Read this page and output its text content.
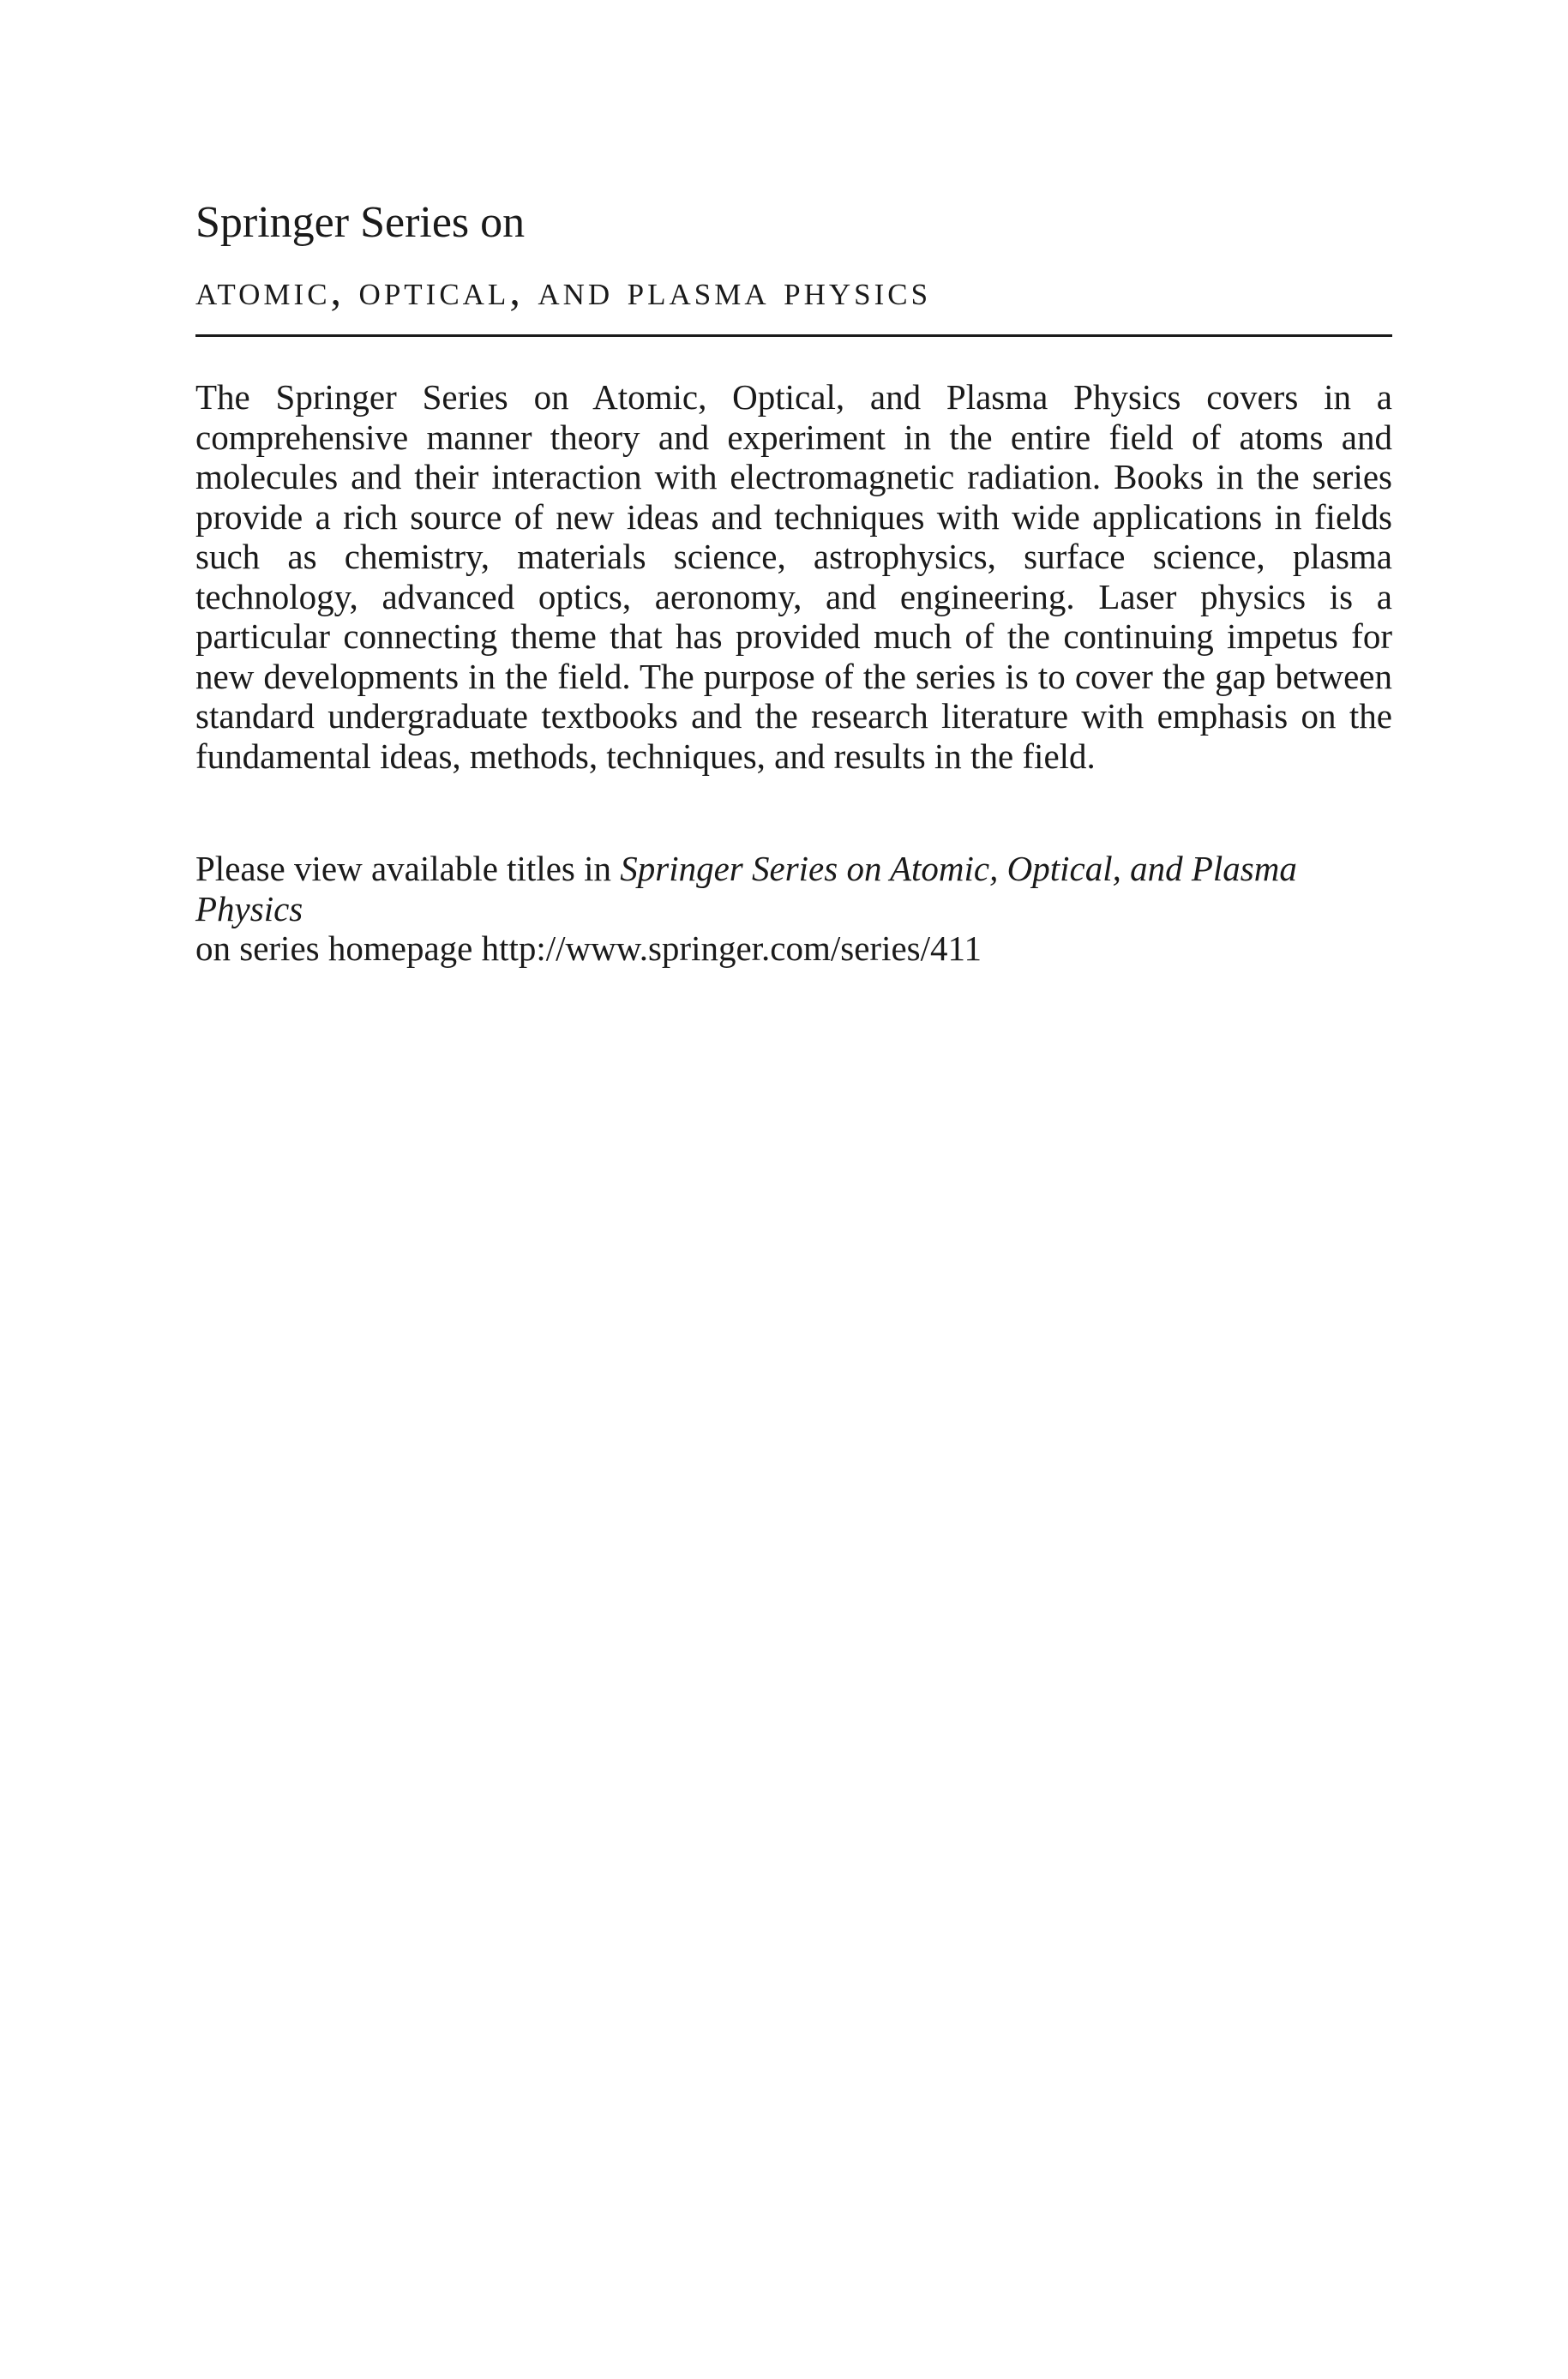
Springer Series on

atomic, optical, and plasma physics

The Springer Series on Atomic, Optical, and Plasma Physics covers in a comprehensive manner theory and experiment in the entire field of atoms and molecules and their interaction with electromagnetic radiation. Books in the series provide a rich source of new ideas and techniques with wide applications in fields such as chemistry, materials science, astrophysics, surface science, plasma technology, advanced optics, aeronomy, and engineering. Laser physics is a particular connecting theme that has provided much of the continuing impetus for new developments in the field. The purpose of the series is to cover the gap between standard undergraduate textbooks and the research literature with emphasis on the fundamental ideas, methods, techniques, and results in the field.

Please view available titles in Springer Series on Atomic, Optical, and Plasma Physics
on series homepage http://www.springer.com/series/411
